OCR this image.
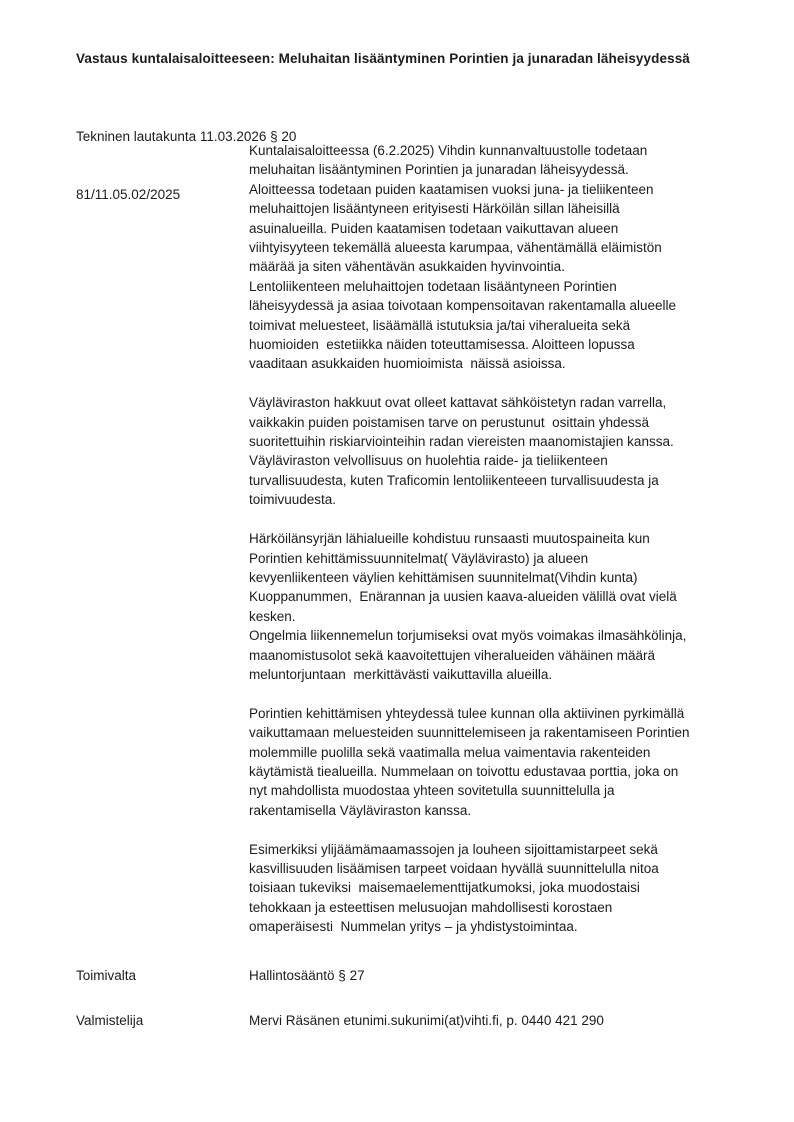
Vastaus kuntalaisaloitteeseen: Meluhaitan lisääntyminen Porintien ja junaradan läheisyydessä

Tekninen lautakunta 11.03.2026 § 20

81/11.05.02/2025

Kuntalaisaloitteessa (6.2.2025) Vihdin kunnanvaltuustolle todetaan
meluhaitan lisääntyminen Porintien ja junaradan läheisyydessä.
Aloitteessa todetaan puiden kaatamisen vuoksi juna- ja tieliikenteen
meluhaittojen lisääntyneen erityisesti Härköilän sillan läheisillä
asuinalueilla. Puiden kaatamisen todetaan vaikuttavan alueen
viihtyisyyteen tekemällä alueesta karumpaa, vähentämällä eläimistön
määrää ja siten vähentävän asukkaiden hyvinvointia.
Lentoliikenteen meluhaittojen todetaan lisääntyneen Porintien
läheisyydessä ja asiaa toivotaan kompensoitavan rakentamalla alueelle
toimivat meluesteet, lisäämällä istutuksia ja/tai viheralueita sekä
huomioiden  estetiikka näiden toteuttamisessa. Aloitteen lopussa
vaaditaan asukkaiden huomioimista  näissä asioissa.
Väyläviraston hakkuut ovat olleet kattavat sähköistetyn radan varrella,
vaikkakin puiden poistamisen tarve on perustunut  osittain yhdessä
suoritettuihin riskiarviointeihin radan viereisten maanomistajien kanssa.
Väyläviraston velvollisuus on huolehtia raide- ja tieliikenteen
turvallisuudesta, kuten Traficomin lentoliikenteeen turvallisuudesta ja
toimivuudesta.
Härköilänsyrjän lähialueille kohdistuu runsaasti muutospaineita kun
Porintien kehittämissuunnitelmat( Väylävirasto) ja alueen
kevyenliikenteen väylien kehittämisen suunnitelmat(Vihdin kunta)
Kuoppanummen,  Enärannan ja uusien kaava-alueiden välillä ovat vielä
kesken.
Ongelmia liikennemelun torjumiseksi ovat myös voimakas ilmasähkölinja,
maanomistusolot sekä kaavoitettujen viheralueiden vähäinen määrä
meluntorjuntaan  merkittävästi vaikuttavilla alueilla.
Porintien kehittämisen yhteydessä tulee kunnan olla aktiivinen pyrkimällä
vaikuttamaan meluesteiden suunnittelemiseen ja rakentamiseen Porintien
molemmille puolilla sekä vaatimalla melua vaimentavia rakenteiden
käytämistä tiealueilla. Nummelaan on toivottu edustavaa porttia, joka on
nyt mahdollista muodostaa yhteen sovitetulla suunnittelulla ja
rakentamisella Väyläviraston kanssa.
Esimerkiksi ylijäämämaamassojen ja louheen sijoittamistarpeet sekä
kasvillisuuden lisäämisen tarpeet voidaan hyvällä suunnittelulla nitoa
toisiaan tukeviksi  maisemaelementtijatkumoksi, joka muodostaisi
tehokkaan ja esteettisen melusuojan mahdollisesti korostaen
omaperäisesti  Nummelan yritys – ja yhdistystoimintaa.
Toimivalta	Hallintosääntö § 27
Valmistelija	Mervi Räsänen etunimi.sukunimi(at)vihti.fi, p. 0440 421 290
